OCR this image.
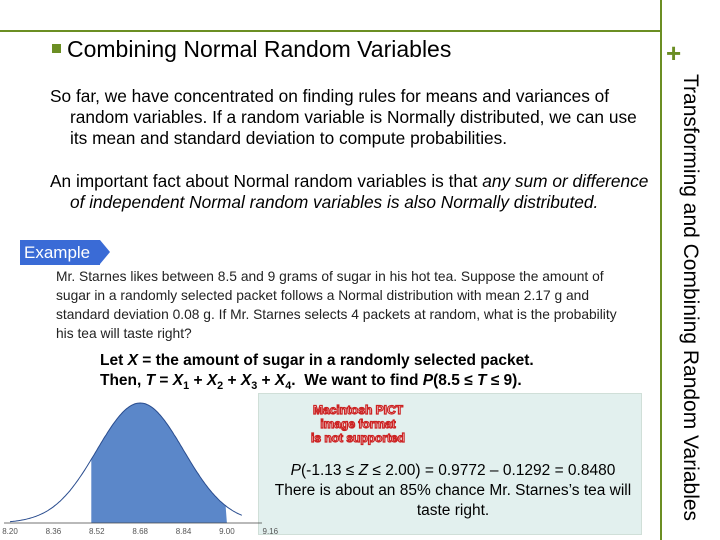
+
Transforming and Combining Random Variables
Combining Normal Random Variables
So far, we have concentrated on finding rules for means and variances of random variables. If a random variable is Normally distributed, we can use its mean and standard deviation to compute probabilities.
An important fact about Normal random variables is that any sum or difference of independent Normal random variables is also Normally distributed.
Example
Mr. Starnes likes between 8.5 and 9 grams of sugar in his hot tea. Suppose the amount of sugar in a randomly selected packet follows a Normal distribution with mean 2.17 g and standard deviation 0.08 g. If Mr. Starnes selects 4 packets at random, what is the probability his tea will taste right?
Let X = the amount of sugar in a randomly selected packet.
Then, $T = X_1 + X_2 + X_3 + X_4$.  We want to find P(8.5 ≤ T ≤ 9).
Macintosh PICT
image format
is not supported
P(-1.13 ≤ Z ≤ 2.00) = 0.9772 – 0.1292 = 0.8480
There is about an 85% chance Mr. Starnes’s tea will taste right.
8.20	8.36	8.52	8.68	8.84	9.00	9.16
